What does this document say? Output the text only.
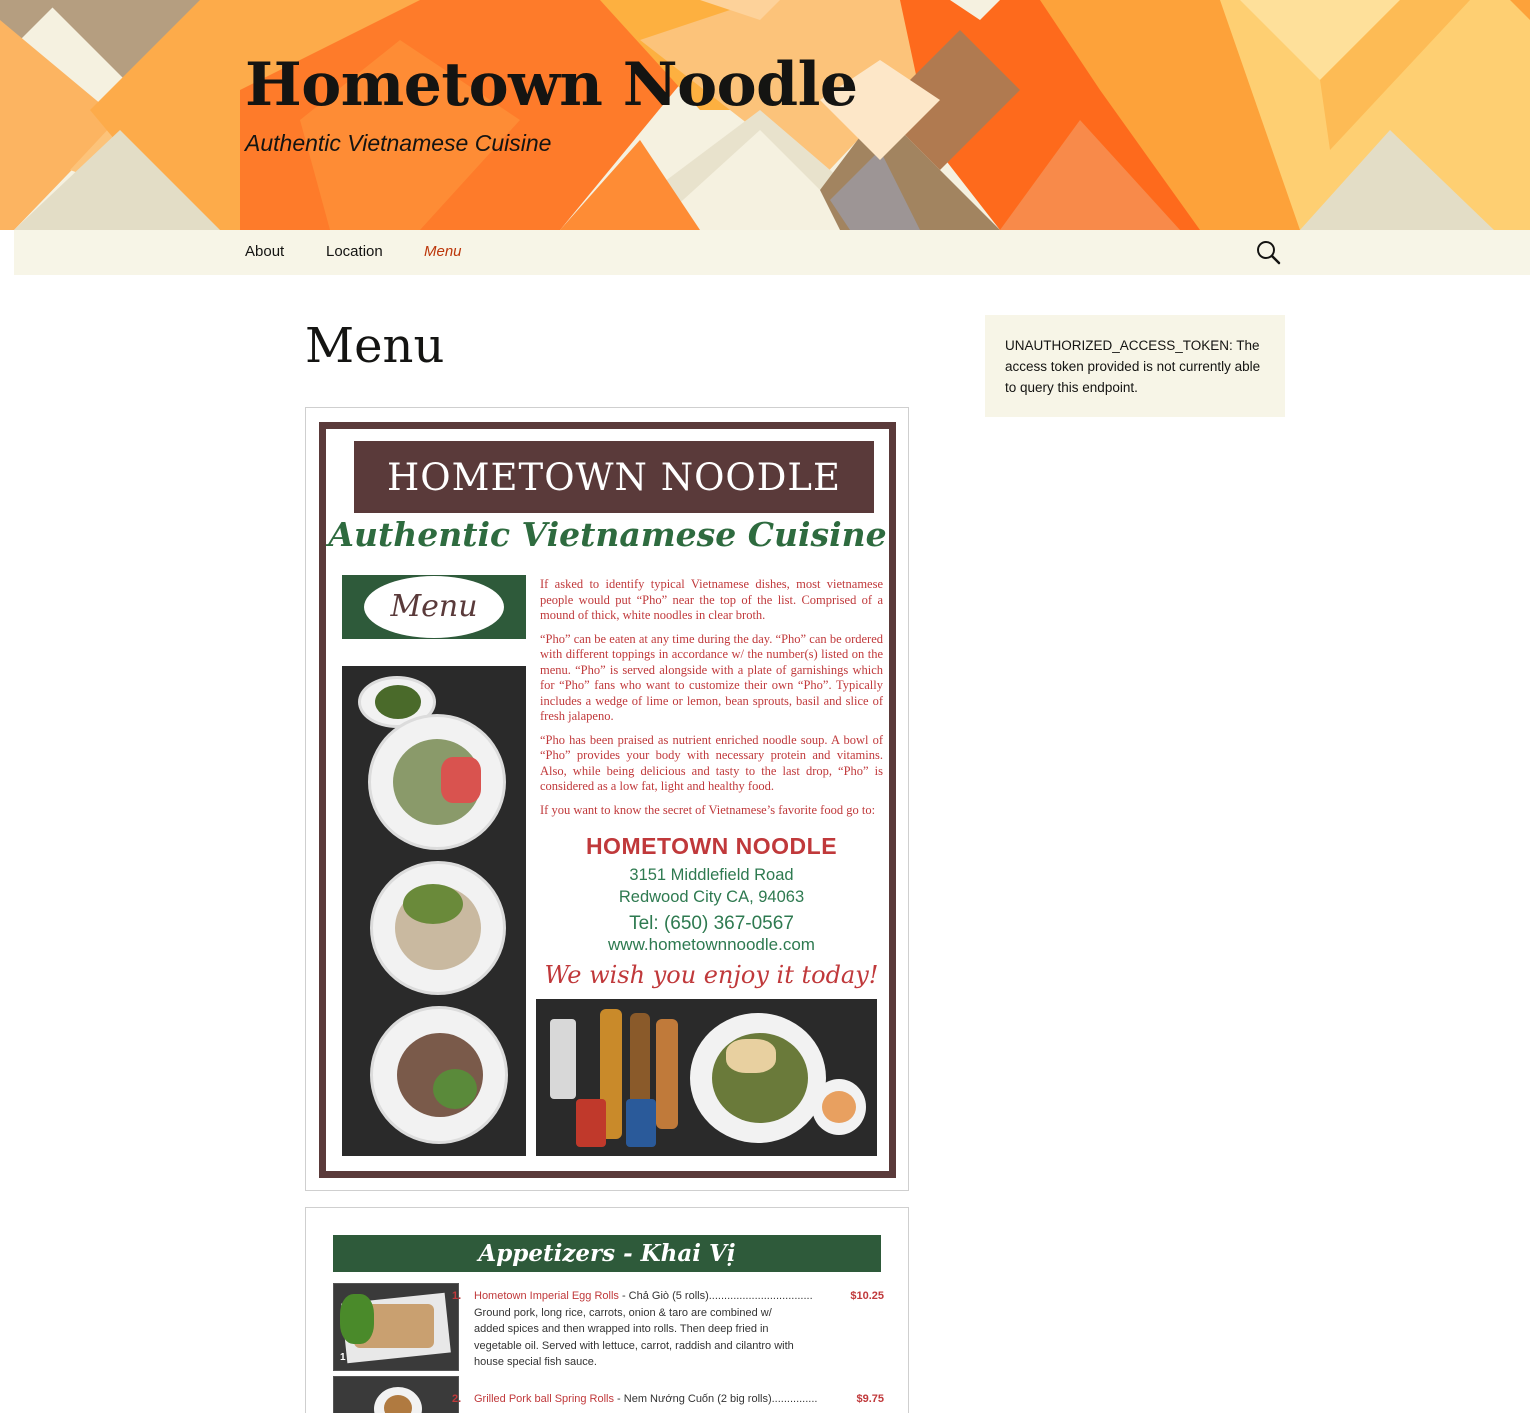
Hometown Noodle
Authentic Vietnamese Cuisine
About	Location	Menu
Menu	UNAUTHORIZED_ACCESS_TOKEN: The access token provided is not currently able to query this endpoint.

HOMETOWN NOODLE
Authentic Vietnamese Cuisine
Menu

If asked to identify typical Vietnamese dishes, most vietnamese people would put “Pho” near the top of the list. Comprised of a mound of thick, white noodles in clear broth.

“Pho” can be eaten at any time during the day. “Pho” can be ordered with different toppings in accordance w/ the number(s) listed on the menu. “Pho” is served alongside with a plate of garnishings which for “Pho” fans who want to customize their own “Pho”. Typically includes a wedge of lime or lemon, bean sprouts, basil and slice of fresh jalapeno.

“Pho has been praised as nutrient enriched noodle soup. A bowl of “Pho” provides your body with necessary protein and vitamins. Also, while being delicious and tasty to the last drop, “Pho” is considered as a low fat, light and healthy food.

If you want to know the secret of Vietnamese’s favorite food go to:

HOMETOWN NOODLE
3151 Middlefield Road
Redwood City CA, 94063
Tel: (650) 367-0567
www.hometownnoodle.com
We wish you enjoy it today!
Appetizers - Khai Vị
1
1. Hometown Imperial Egg Rolls - Chả Giò (5 rolls)..................................	$10.25
Ground pork, long rice, carrots, onion & taro are combined w/ added spices and then wrapped into rolls. Then deep fried in vegetable oil. Served with lettuce, carrot, raddish and cilantro with house special fish sauce.
2. Grilled Pork ball Spring Rolls - Nem Nướng Cuốn (2 big rolls)...............	$9.75
